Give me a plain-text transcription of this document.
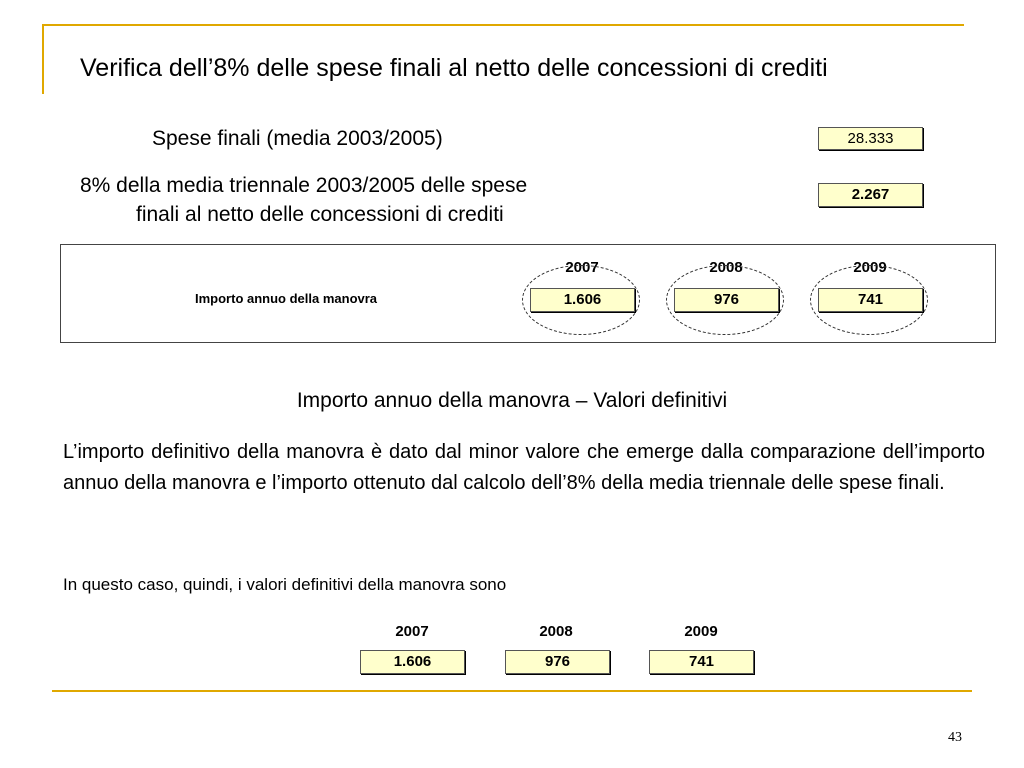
Verifica dell’8% delle spese finali al netto delle concessioni di crediti
Spese finali (media 2003/2005)	28.333
8% della media triennale 2003/2005 delle spese
finali al netto delle concessioni di crediti
2.267
Importo annuo della manovra
2007	2008	2009
1.606	976	741
Importo annuo della manovra – Valori definitivi
L’importo definitivo della manovra è dato dal minor valore che emerge dalla comparazione dell’importo annuo della manovra e l’importo ottenuto dal calcolo dell’8% della media triennale delle spese finali.
In questo caso, quindi, i valori definitivi della manovra sono
2007	2008	2009
1.606	976	741
43
